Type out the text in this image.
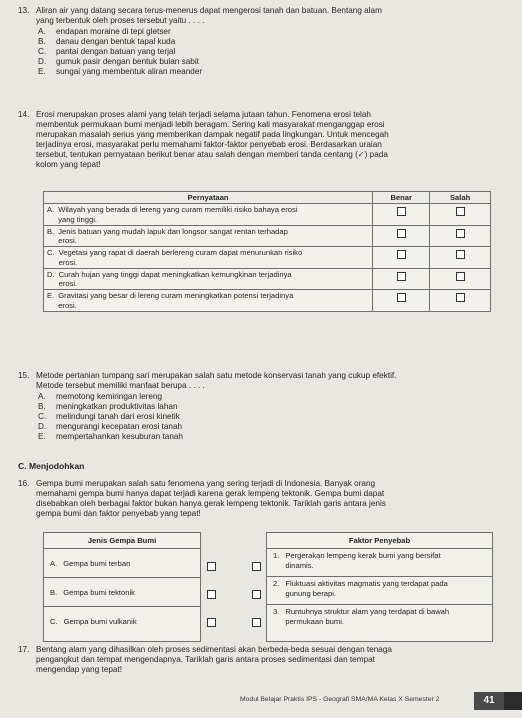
13. Aliran air yang datang secara terus-menerus dapat mengerosi tanah dan batuan. Bentang alam

yang terbentuk oleh proses tersebut yaitu . . . .

A. endapan moraine di tepi gletser
B. danau dengan bentuk tapal kuda
C. pantai dengan batuan yang terjal
D. gumuk pasir dengan bentuk bulan sabit
E. sungai yang membentuk aliran meander
14. Erosi merupakan proses alami yang telah terjadi selama jutaan tahun. Fenomena erosi telah

membentuk permukaan bumi menjadi lebih beragam. Sering kali masyarakat menganggap erosi

merupakan masalah serius yang memberikan dampak negatif pada lingkungan. Untuk mencegah

terjadinya erosi, masyarakat perlu memahami faktor-faktor penyebab erosi. Berdasarkan uraian

tersebut, tentukan pernyataan berikut benar atau salah dengan memberi tanda centang (✓) pada

kolom yang tepat!

Pernyataan	Benar	Salah

A. Wilayah yang berada di lereng yang curam memiliki risiko bahaya erosi
yang tinggi.		

B. Jenis batuan yang mudah lapuk dan longsor sangat rentan terhadap
erosi.		

C. Vegetasi yang rapat di daerah berlereng curam dapat menurunkan risiko
erosi.		

D. Curah hujan yang tinggi dapat meningkatkan kemungkinan terjadinya
erosi.		

E. Gravitasi yang besar di lereng curam meningkatkan potensi terjadinya
erosi.		

15. Metode pertanian tumpang sari merupakan salah satu metode konservasi tanah yang cukup efektif.

Metode tersebut memiliki manfaat berupa . . . .

A. memotong kemiringan lereng
B. meningkatkan produktivitas lahan
C. melindungi tanah dari erosi kinetik
D. mengurangi kecepatan erosi tanah
E. mempertahankan kesuburan tanah
C. Menjodohkan
16. Gempa bumi merupakan salah satu fenomena yang sering terjadi di Indonesia. Banyak orang

memahami gempa bumi hanya dapat terjadi karena gerak lempeng tektonik. Gempa bumi dapat

disebabkan oleh berbagai faktor bukan hanya gerak lempeng tektonik. Tariklah garis antara jenis

gempa bumi dan faktor penyebab yang tepat!

Jenis Gempa Bumi
A. Gempa bumi terban
B. Gempa bumi tektonik
C. Gempa bumi vulkanik
Faktor Penyebab
1. Pergerakan lempeng kerak bumi yang bersifat
dinamis.
2. Fluktuasi aktivitas magmatis yang terdapat pada
gunung berapi.
3. Runtuhnya struktur alam yang terdapat di bawah
permukaan bumi.
17. Bentang alam yang dihasilkan oleh proses sedimentasi akan berbeda-beda sesuai dengan tenaga

pengangkut dan tempat mengendapnya. Tariklah garis antara proses sedimentasi dan tempat

mengendap yang tepat!

Modul Belajar Praktis IPS - Geografi SMA/MA Kelas X Semester 2	41
